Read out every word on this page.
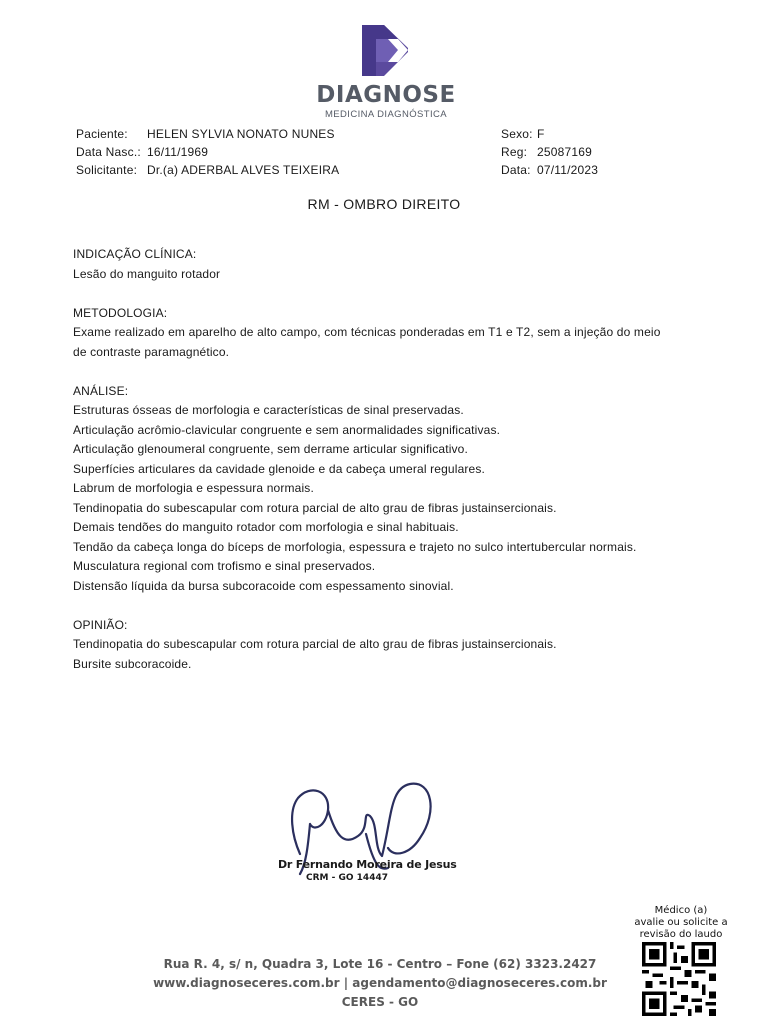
DIAGNOSE
MEDICINA DIAGNÓSTICA
Paciente: HELEN SYLVIA NONATO NUNES
Data Nasc.: 16/11/1969
Solicitante: Dr.(a) ADERBAL ALVES TEIXEIRA
Sexo: F
Reg: 25087169
Data: 07/11/2023
RM - OMBRO DIREITO
INDICAÇÃO CLÍNICA:
Lesão do manguito rotador
METODOLOGIA:
Exame realizado em aparelho de alto campo, com técnicas ponderadas em T1 e T2, sem a injeção do meio
de contraste paramagnético.
ANÁLISE:
Estruturas ósseas de morfologia e características de sinal preservadas.
Articulação acrômio-clavicular congruente e sem anormalidades significativas.
Articulação glenoumeral congruente, sem derrame articular significativo.
Superfícies articulares da cavidade glenoide e da cabeça umeral regulares.
Labrum de morfologia e espessura normais.
Tendinopatia do subescapular com rotura parcial de alto grau de fibras justainsercionais.
Demais tendões do manguito rotador com morfologia e sinal habituais.
Tendão da cabeça longa do bíceps de morfologia, espessura e trajeto no sulco intertubercular normais.
Musculatura regional com trofismo e sinal preservados.
Distensão líquida da bursa subcoracoide com espessamento sinovial.
OPINIÃO:
Tendinopatia do subescapular com rotura parcial de alto grau de fibras justainsercionais.
Bursite subcoracoide.
Dr Fernando Moreira de Jesus
CRM - GO 14447
Rua R. 4, s/ n, Quadra 3, Lote 16 - Centro – Fone (62) 3323.2427
www.diagnoseceres.com.br | agendamento@diagnoseceres.com.br
CERES - GO
Médico (a)
avalie ou solicite a
revisão do laudo
